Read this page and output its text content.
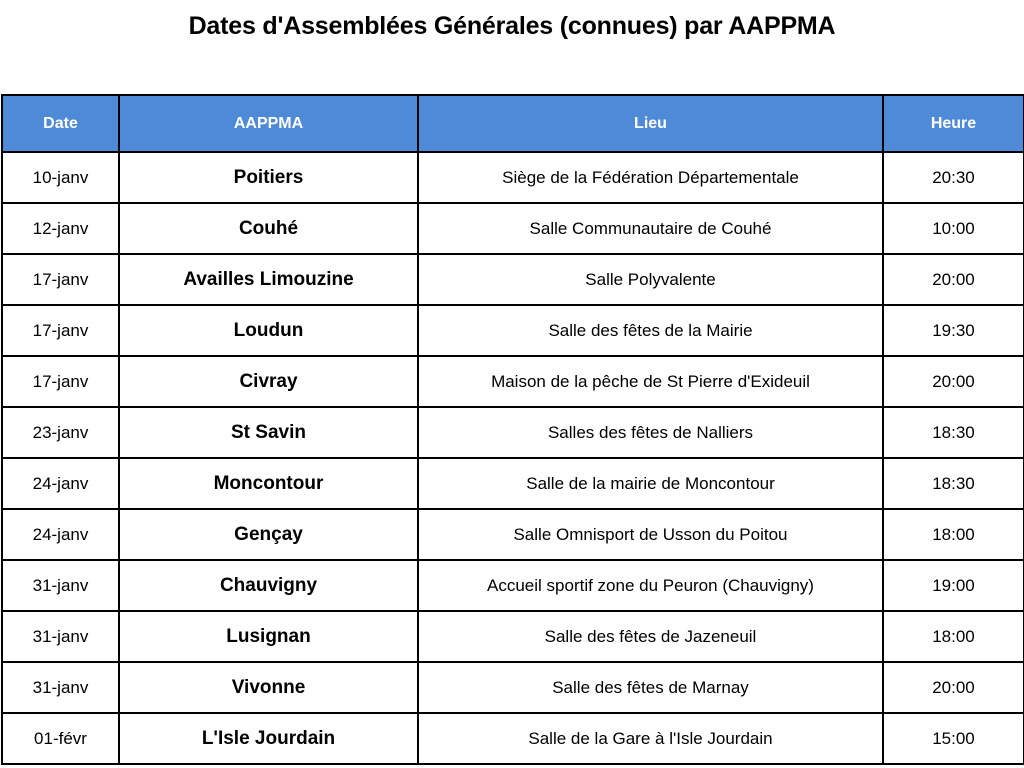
Dates d'Assemblées Générales (connues) par AAPPMA
Date	AAPPMA	Lieu	Heure
10-janv	Poitiers	Siège de la Fédération Départementale	20:30
12-janv	Couhé	Salle Communautaire de Couhé	10:00
17-janv	Availles Limouzine	Salle Polyvalente	20:00
17-janv	Loudun	Salle des fêtes de la Mairie	19:30
17-janv	Civray	Maison de la pêche de St Pierre d'Exideuil	20:00
23-janv	St Savin	Salles des fêtes de Nalliers	18:30
24-janv	Moncontour	Salle de la mairie de Moncontour	18:30
24-janv	Gençay	Salle Omnisport de Usson du Poitou	18:00
31-janv	Chauvigny	Accueil sportif zone du Peuron (Chauvigny)	19:00
31-janv	Lusignan	Salle des fêtes de Jazeneuil	18:00
31-janv	Vivonne	Salle des fêtes de Marnay	20:00
01-févr	L'Isle Jourdain	Salle de la Gare à l'Isle Jourdain	15:00
